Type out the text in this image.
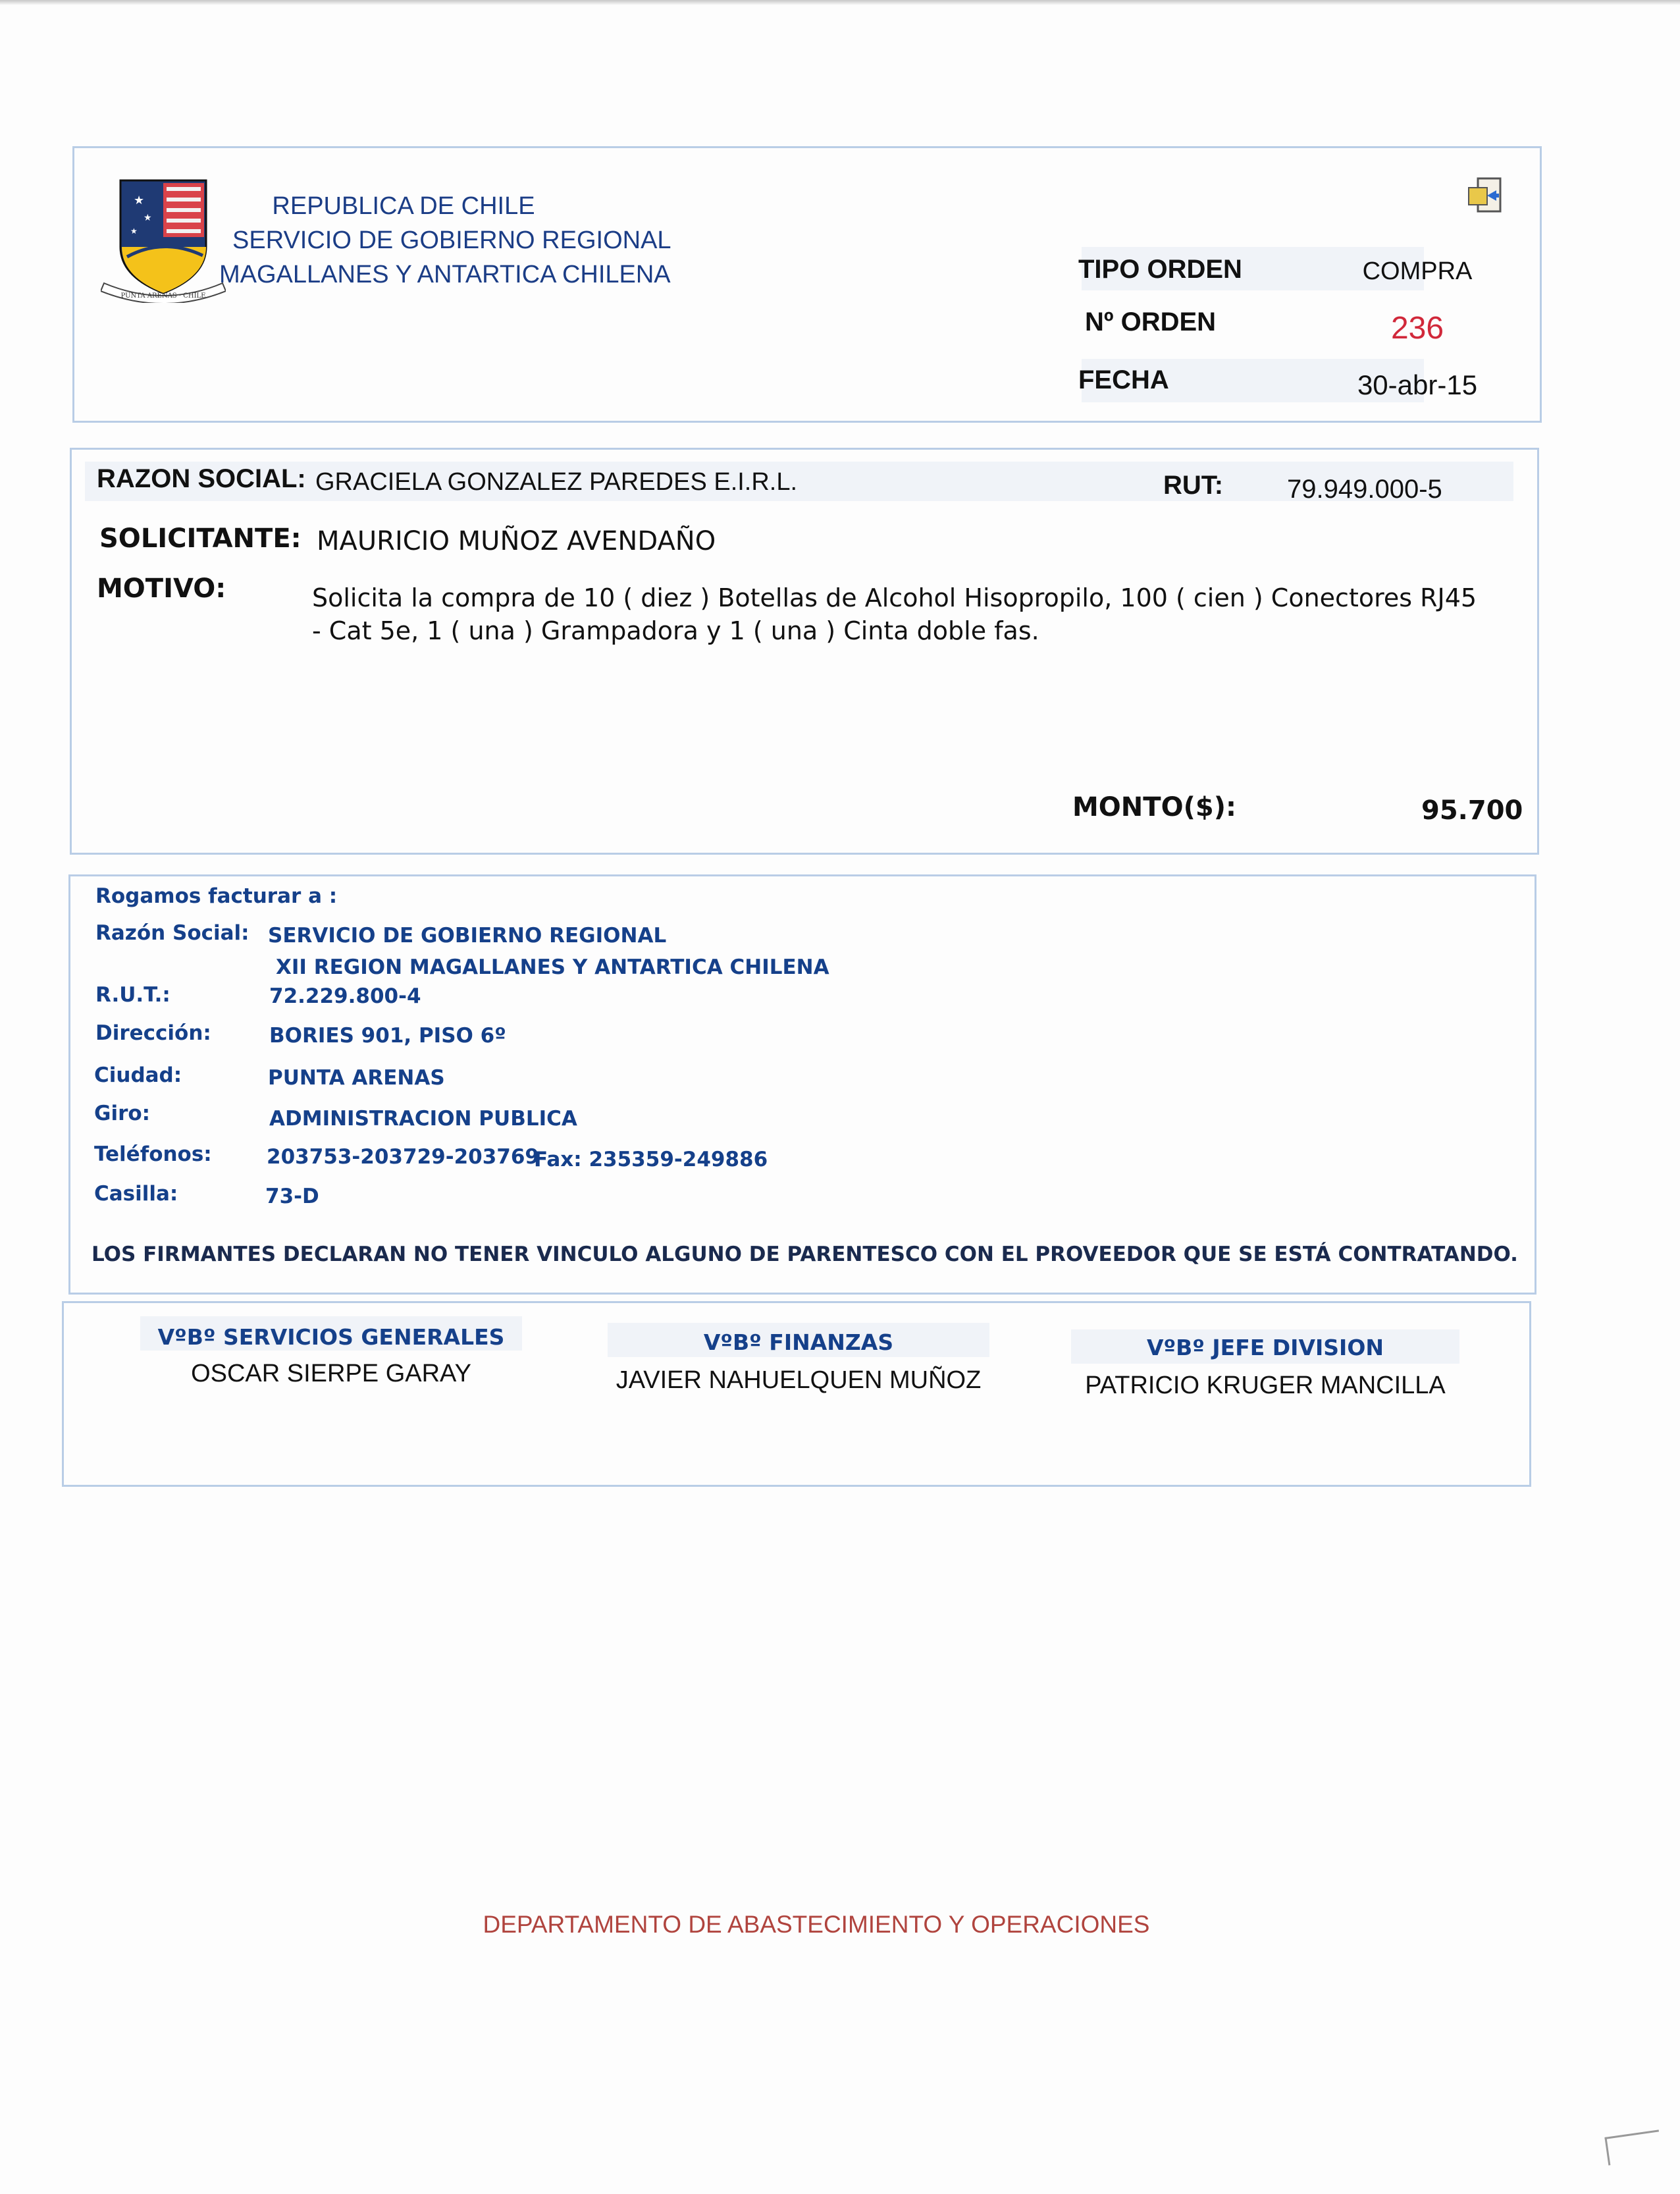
★
★
★
PUNTA ARENAS · CHILE
REPUBLICA DE CHILE
SERVICIO DE GOBIERNO REGIONAL
MAGALLANES Y ANTARTICA CHILENA	TIPO ORDEN	COMPRA
Nº ORDEN	236
FECHA	30-abr-15
RAZON SOCIAL: GRACIELA GONZALEZ PAREDES E.I.R.L.	RUT: 79.949.000-5
SOLICITANTE: MAURICIO MUÑOZ AVENDAÑO
MOTIVO:	Solicita la compra de 10 ( diez ) Botellas de Alcohol Hisopropilo, 100 ( cien ) Conectores RJ45 - Cat 5e, 1 ( una ) Grampadora y 1 ( una ) Cinta doble fas.
MONTO($):	95.700
Rogamos facturar a :
Razón Social: SERVICIO DE GOBIERNO REGIONAL
XII REGION MAGALLANES Y ANTARTICA CHILENA
R.U.T.:	72.229.800-4
Dirección:	BORIES 901, PISO 6º
Ciudad:	PUNTA ARENAS
Giro:	ADMINISTRACION PUBLICA
Teléfonos:	203753-203729-203769
Fax: 235359-249886
Casilla:	73-D
LOS FIRMANTES DECLARAN NO TENER VINCULO ALGUNO DE PARENTESCO CON EL PROVEEDOR QUE SE ESTÁ CONTRATANDO.
VºBº SERVICIOS GENERALES
OSCAR SIERPE GARAY
VºBº FINANZAS
JAVIER NAHUELQUEN MUÑOZ
VºBº JEFE DIVISION
PATRICIO KRUGER MANCILLA
DEPARTAMENTO DE ABASTECIMIENTO Y OPERACIONES
